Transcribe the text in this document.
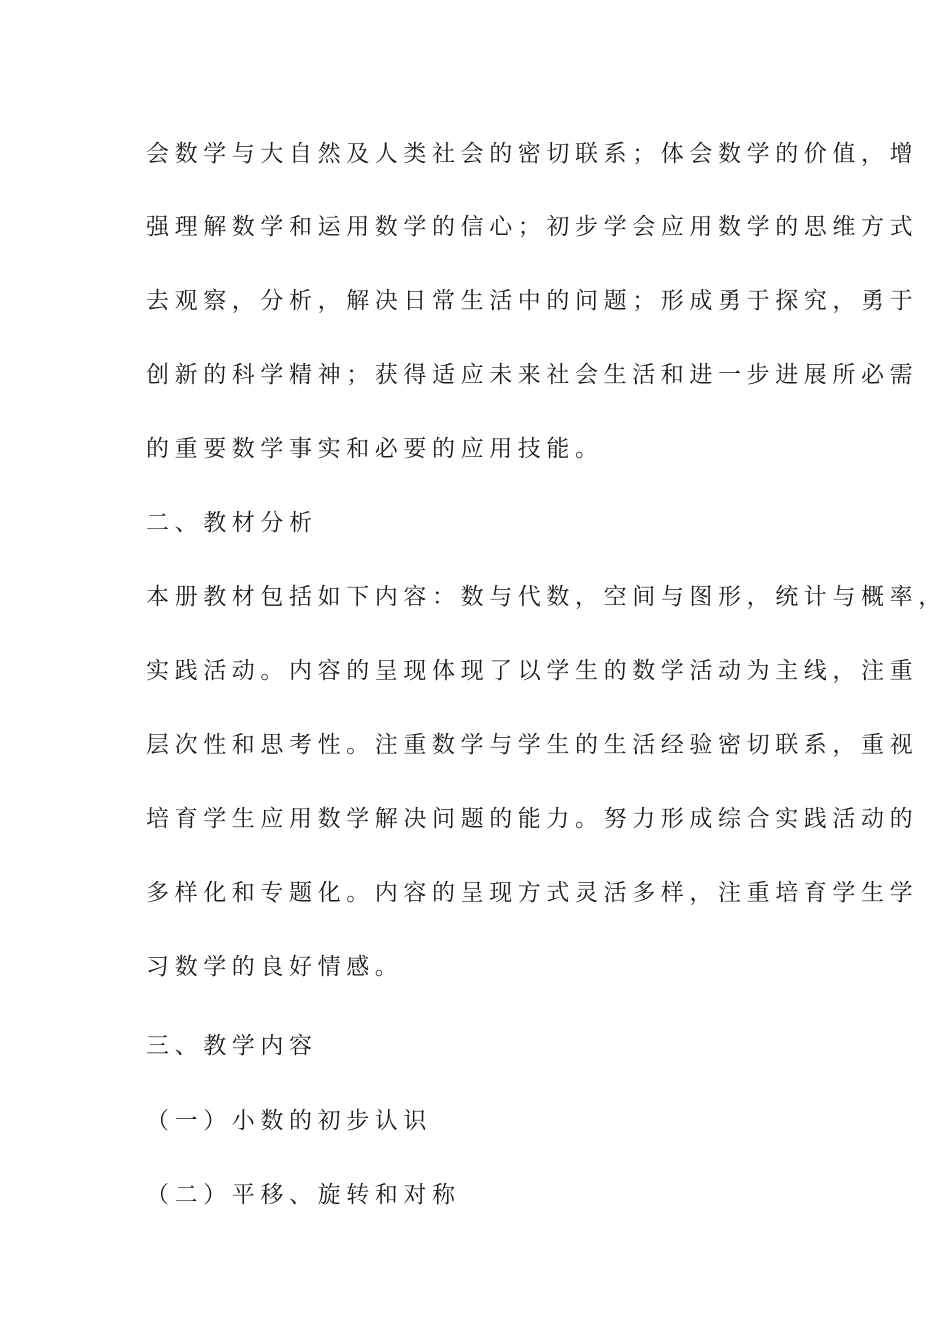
会数学与大自然及人类社会的密切联系；体会数学的价值，增
强理解数学和运用数学的信心；初步学会应用数学的思维方式
去观察，分析，解决日常生活中的问题；形成勇于探究，勇于
创新的科学精神；获得适应未来社会生活和进一步进展所必需
的重要数学事实和必要的应用技能。
二、教材分析
本册教材包括如下内容：数与代数，空间与图形，统计与概率，
实践活动。内容的呈现体现了以学生的数学活动为主线，注重
层次性和思考性。注重数学与学生的生活经验密切联系，重视
培育学生应用数学解决问题的能力。努力形成综合实践活动的
多样化和专题化。内容的呈现方式灵活多样，注重培育学生学
习数学的良好情感。
三、教学内容
（一）小数的初步认识
（二）平移、旋转和对称
